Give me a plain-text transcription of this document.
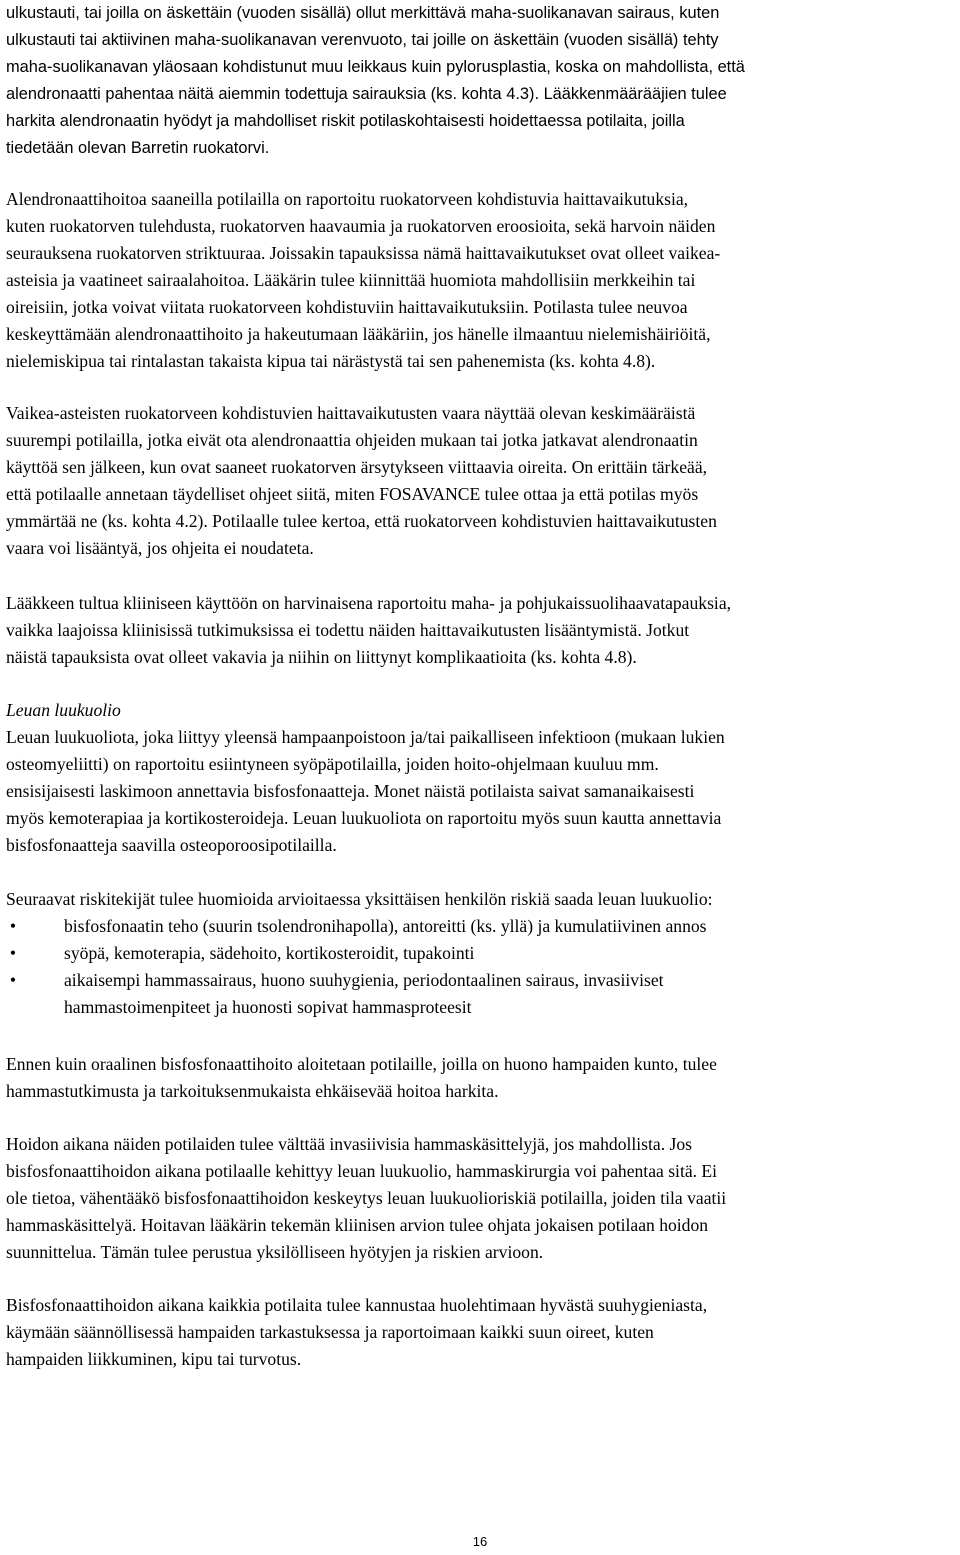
ulkustauti, tai joilla on äskettäin (vuoden sisällä) ollut merkittävä maha-suolikanavan sairaus, kuten
ulkustauti tai aktiivinen maha-suolikanavan verenvuoto, tai joille on äskettäin (vuoden sisällä) tehty
maha-suolikanavan yläosaan kohdistunut muu leikkaus kuin pylorusplastia, koska on mahdollista, että
alendronaatti pahentaa näitä aiemmin todettuja sairauksia (ks. kohta 4.3). Lääkkenmäärääjien tulee
harkita alendronaatin hyödyt ja mahdolliset riskit potilaskohtaisesti hoidettaessa potilaita, joilla
tiedetään olevan Barretin ruokatorvi.
Alendronaattihoitoa saaneilla potilailla on raportoitu ruokatorveen kohdistuvia haittavaikutuksia,
kuten ruokatorven tulehdusta, ruokatorven haavaumia ja ruokatorven eroosioita, sekä harvoin näiden
seurauksena ruokatorven striktuuraa. Joissakin tapauksissa nämä haittavaikutukset ovat olleet vaikea-
asteisia ja vaatineet sairaalahoitoa. Lääkärin tulee kiinnittää huomiota mahdollisiin merkkeihin tai
oireisiin, jotka voivat viitata ruokatorveen kohdistuviin haittavaikutuksiin. Potilasta tulee neuvoa
keskeyttämään alendronaattihoito ja hakeutumaan lääkäriin, jos hänelle ilmaantuu nielemishäiriöitä,
nielemiskipua tai rintalastan takaista kipua tai närästystä tai sen pahenemista (ks. kohta 4.8).
Vaikea-asteisten ruokatorveen kohdistuvien haittavaikutusten vaara näyttää olevan keskimääräistä
suurempi potilailla, jotka eivät ota alendronaattia ohjeiden mukaan tai jotka jatkavat alendronaatin
käyttöä sen jälkeen, kun ovat saaneet ruokatorven ärsytykseen viittaavia oireita. On erittäin tärkeää,
että potilaalle annetaan täydelliset ohjeet siitä, miten FOSAVANCE tulee ottaa ja että potilas myös
ymmärtää ne (ks. kohta 4.2). Potilaalle tulee kertoa, että ruokatorveen kohdistuvien haittavaikutusten
vaara voi lisääntyä, jos ohjeita ei noudateta.
Lääkkeen tultua kliiniseen käyttöön on harvinaisena raportoitu maha- ja pohjukaissuolihaavatapauksia,
vaikka laajoissa kliinisissä tutkimuksissa ei todettu näiden haittavaikutusten lisääntymistä. Jotkut
näistä tapauksista ovat olleet vakavia ja niihin on liittynyt komplikaatioita (ks. kohta 4.8).
Leuan luukuolio
Leuan luukuoliota, joka liittyy yleensä hampaanpoistoon ja/tai paikalliseen infektioon (mukaan lukien
osteomyeliitti) on raportoitu esiintyneen syöpäpotilailla, joiden hoito-ohjelmaan kuuluu mm.
ensisijaisesti laskimoon annettavia bisfosfonaatteja. Monet näistä potilaista saivat samanaikaisesti
myös kemoterapiaa ja kortikosteroideja. Leuan luukuoliota on raportoitu myös suun kautta annettavia
bisfosfonaatteja saavilla osteoporoosipotilailla.
Seuraavat riskitekijät tulee huomioida arvioitaessa yksittäisen henkilön riskiä saada leuan luukuolio:
•	bisfosfonaatin teho (suurin tsolendronihapolla), antoreitti (ks. yllä) ja kumulatiivinen annos
•	syöpä, kemoterapia, sädehoito, kortikosteroidit, tupakointi
•	aikaisempi hammassairaus, huono suuhygienia, periodontaalinen sairaus, invasiiviset
hammastoimenpiteet ja huonosti sopivat hammasproteesit
Ennen kuin oraalinen bisfosfonaattihoito aloitetaan potilaille, joilla on huono hampaiden kunto, tulee
hammastutkimusta ja tarkoituksenmukaista ehkäisevää hoitoa harkita.
Hoidon aikana näiden potilaiden tulee välttää invasiivisia hammaskäsittelyjä, jos mahdollista. Jos
bisfosfonaattihoidon aikana potilaalle kehittyy leuan luukuolio, hammaskirurgia voi pahentaa sitä. Ei
ole tietoa, vähentääkö bisfosfonaattihoidon keskeytys leuan luukuolioriskiä potilailla, joiden tila vaatii
hammaskäsittelyä. Hoitavan lääkärin tekemän kliinisen arvion tulee ohjata jokaisen potilaan hoidon
suunnittelua. Tämän tulee perustua yksilölliseen hyötyjen ja riskien arvioon.
Bisfosfonaattihoidon aikana kaikkia potilaita tulee kannustaa huolehtimaan hyvästä suuhygieniasta,
käymään säännöllisessä hampaiden tarkastuksessa ja raportoimaan kaikki suun oireet, kuten
hampaiden liikkuminen, kipu tai turvotus.
16
